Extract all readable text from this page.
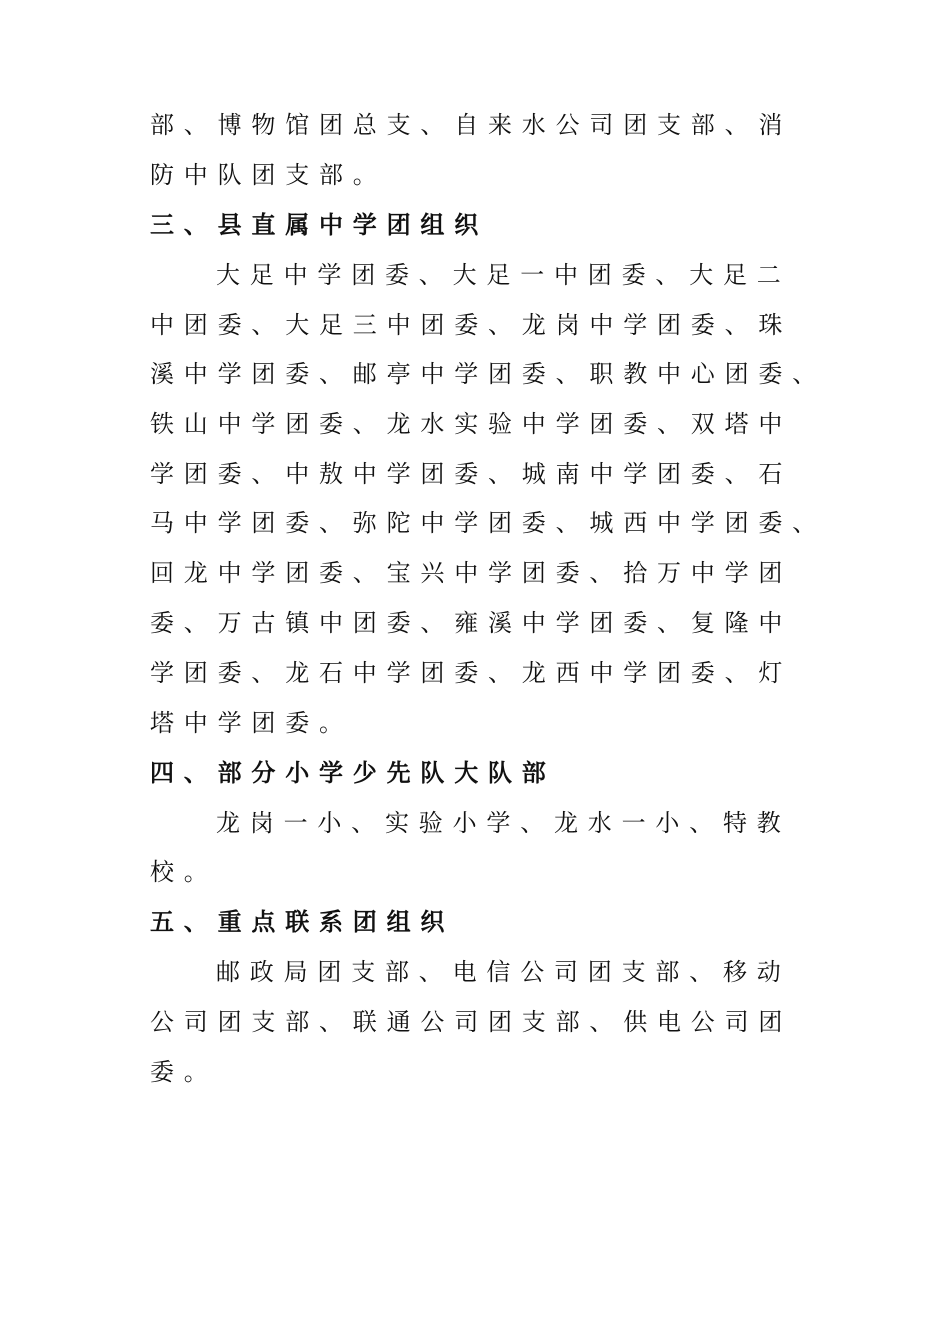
部、博物馆团总支、自来水公司团支部、消
防中队团支部。
三、县直属中学团组织
大足中学团委、大足一中团委、大足二
中团委、大足三中团委、龙岗中学团委、珠
溪中学团委、邮亭中学团委、职教中心团委、
铁山中学团委、龙水实验中学团委、双塔中
学团委、中敖中学团委、城南中学团委、石
马中学团委、弥陀中学团委、城西中学团委、
回龙中学团委、宝兴中学团委、拾万中学团
委、万古镇中团委、雍溪中学团委、复隆中
学团委、龙石中学团委、龙西中学团委、灯
塔中学团委。
四、部分小学少先队大队部
龙岗一小、实验小学、龙水一小、特教
校。
五、重点联系团组织
邮政局团支部、电信公司团支部、移动
公司团支部、联通公司团支部、供电公司团
委。
